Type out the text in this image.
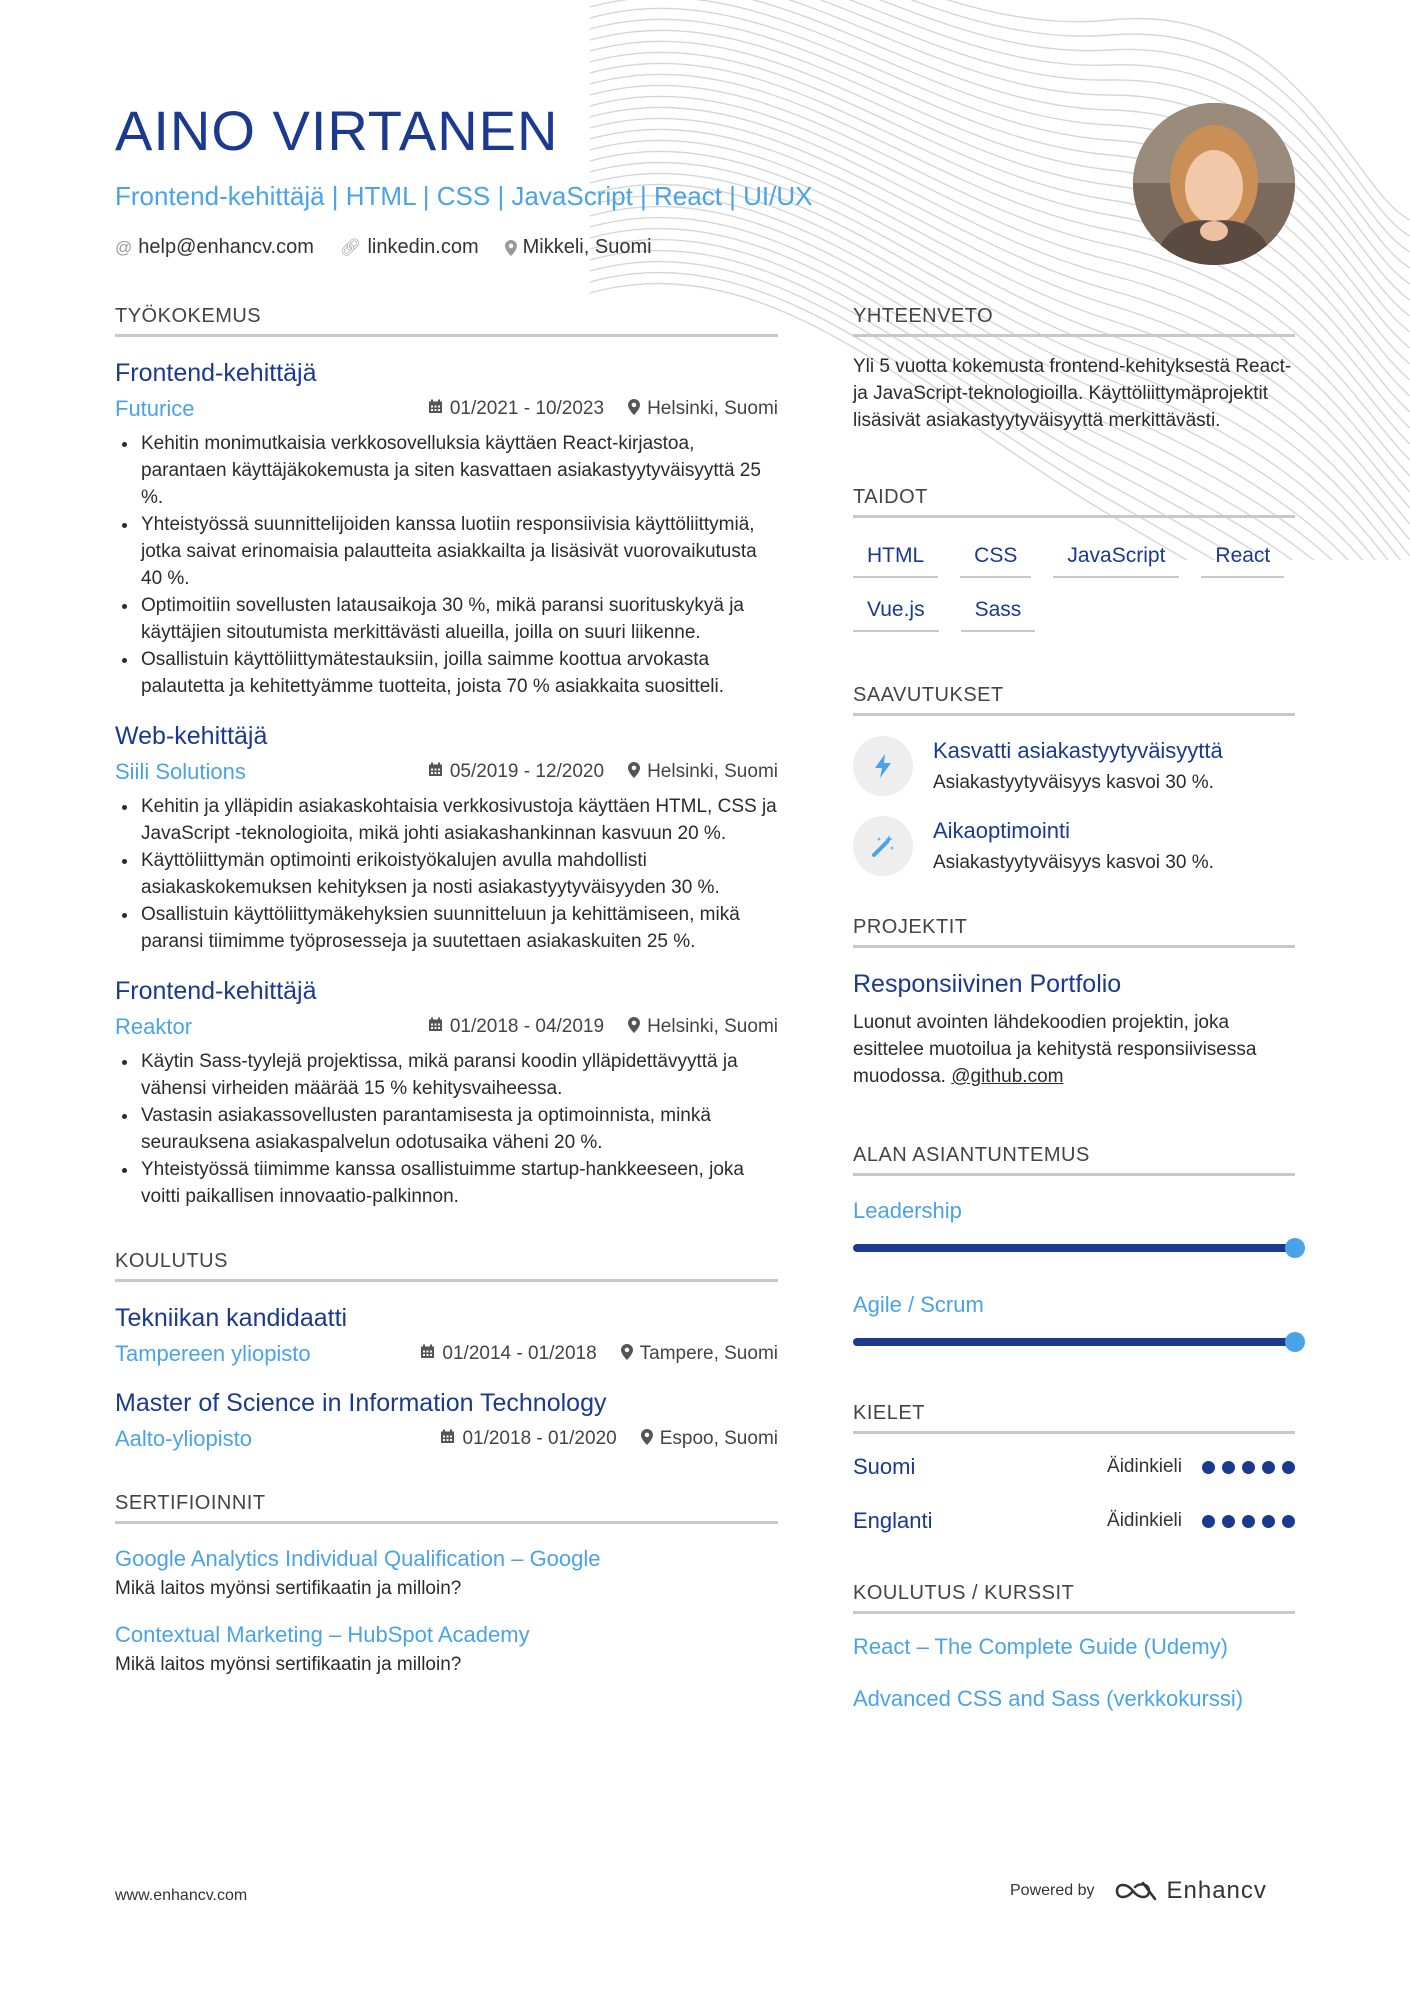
AINO VIRTANEN
Frontend-kehittäjä | HTML | CSS | JavaScript | React | UI/UX
@ help@enhancv.com 🔗︎ linkedin.com Mikkeli, Suomi
TYÖKOKEMUS
Frontend-kehittäjä
Futurice	01/2021 - 10/2023 Helsinki, Suomi
• Kehitin monimutkaisia verkkosovelluksia käyttäen React-kirjastoa, parantaen käyttäjäkokemusta ja siten kasvattaen asiakastyytyväisyyttä 25 %.
• Yhteistyössä suunnittelijoiden kanssa luotiin responsiivisia käyttöliittymiä, jotka saivat erinomaisia palautteita asiakkailta ja lisäsivät vuorovaikutusta 40 %.
• Optimoitiin sovellusten latausaikoja 30 %, mikä paransi suorituskykyä ja käyttäjien sitoutumista merkittävästi alueilla, joilla on suuri liikenne.
• Osallistuin käyttöliittymätestauksiin, joilla saimme koottua arvokasta palautetta ja kehitettyämme tuotteita, joista 70 % asiakkaita suositteli.
Web-kehittäjä
Siili Solutions	05/2019 - 12/2020 Helsinki, Suomi
• Kehitin ja ylläpidin asiakaskohtaisia verkkosivustoja käyttäen HTML, CSS ja JavaScript -teknologioita, mikä johti asiakashankinnan kasvuun 20 %.
• Käyttöliittymän optimointi erikoistyökalujen avulla mahdollisti asiakaskokemuksen kehityksen ja nosti asiakastyytyväisyyden 30 %.
• Osallistuin käyttöliittymäkehyksien suunnitteluun ja kehittämiseen, mikä paransi tiimimme työprosesseja ja suutettaen asiakaskuiten 25 %.
Frontend-kehittäjä
Reaktor	01/2018 - 04/2019 Helsinki, Suomi
• Käytin Sass-tyylejä projektissa, mikä paransi koodin ylläpidettävyyttä ja vähensi virheiden määrää 15 % kehitysvaiheessa.
• Vastasin asiakassovellusten parantamisesta ja optimoinnista, minkä seurauksena asiakaspalvelun odotusaika väheni 20 %.
• Yhteistyössä tiimimme kanssa osallistuimme startup-hankkeeseen, joka voitti paikallisen innovaatio-palkinnon.
KOULUTUS
Tekniikan kandidaatti
Tampereen yliopisto	01/2014 - 01/2018 Tampere, Suomi
Master of Science in Information Technology
Aalto-yliopisto	01/2018 - 01/2020 Espoo, Suomi
SERTIFIOINNIT
Google Analytics Individual Qualification – Google
Mikä laitos myönsi sertifikaatin ja milloin?
Contextual Marketing – HubSpot Academy
Mikä laitos myönsi sertifikaatin ja milloin?
YHTEENVETO
Yli 5 vuotta kokemusta frontend-kehityksestä React- ja JavaScript-teknologioilla. Käyttöliittymäprojektit lisäsivät asiakastyytyväisyyttä merkittävästi.
TAIDOT
HTML	CSS	JavaScript	React
Vue.js	Sass
SAAVUTUKSET
Kasvatti asiakastyytyväisyyttä
Asiakastyytyväisyys kasvoi 30 %.
Aikaoptimointi
Asiakastyytyväisyys kasvoi 30 %.
PROJEKTIT
Responsiivinen Portfolio
Luonut avointen lähdekoodien projektin, joka esittelee muotoilua ja kehitystä responsiivisessa muodossa. @github.com
ALAN ASIANTUNTEMUS
Leadership
Agile / Scrum
KIELET
Suomi	Äidinkieli
Englanti	Äidinkieli
KOULUTUS / KURSSIT
React – The Complete Guide (Udemy)
Advanced CSS and Sass (verkkokurssi)
www.enhancv.com	Powered by	Enhancv
